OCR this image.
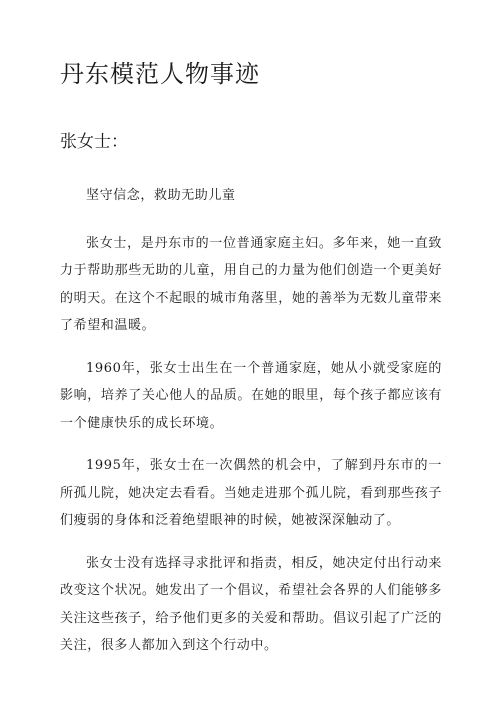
丹东模范人物事迹
张女士：

坚守信念，救助无助儿童

张女士，是丹东市的一位普通家庭主妇。多年来，她一直致力于帮助那些无助的儿童，用自己的力量为他们创造一个更美好的明天。在这个不起眼的城市角落里，她的善举为无数儿童带来了希望和温暖。

1960年，张女士出生在一个普通家庭，她从小就受家庭的影响，培养了关心他人的品质。在她的眼里，每个孩子都应该有一个健康快乐的成长环境。

1995年，张女士在一次偶然的机会中，了解到丹东市的一所孤儿院，她决定去看看。当她走进那个孤儿院，看到那些孩子们瘦弱的身体和泛着绝望眼神的时候，她被深深触动了。

张女士没有选择寻求批评和指责，相反，她决定付出行动来改变这个状况。她发出了一个倡议，希望社会各界的人们能够多关注这些孩子，给予他们更多的关爱和帮助。倡议引起了广泛的关注，很多人都加入到这个行动中。
